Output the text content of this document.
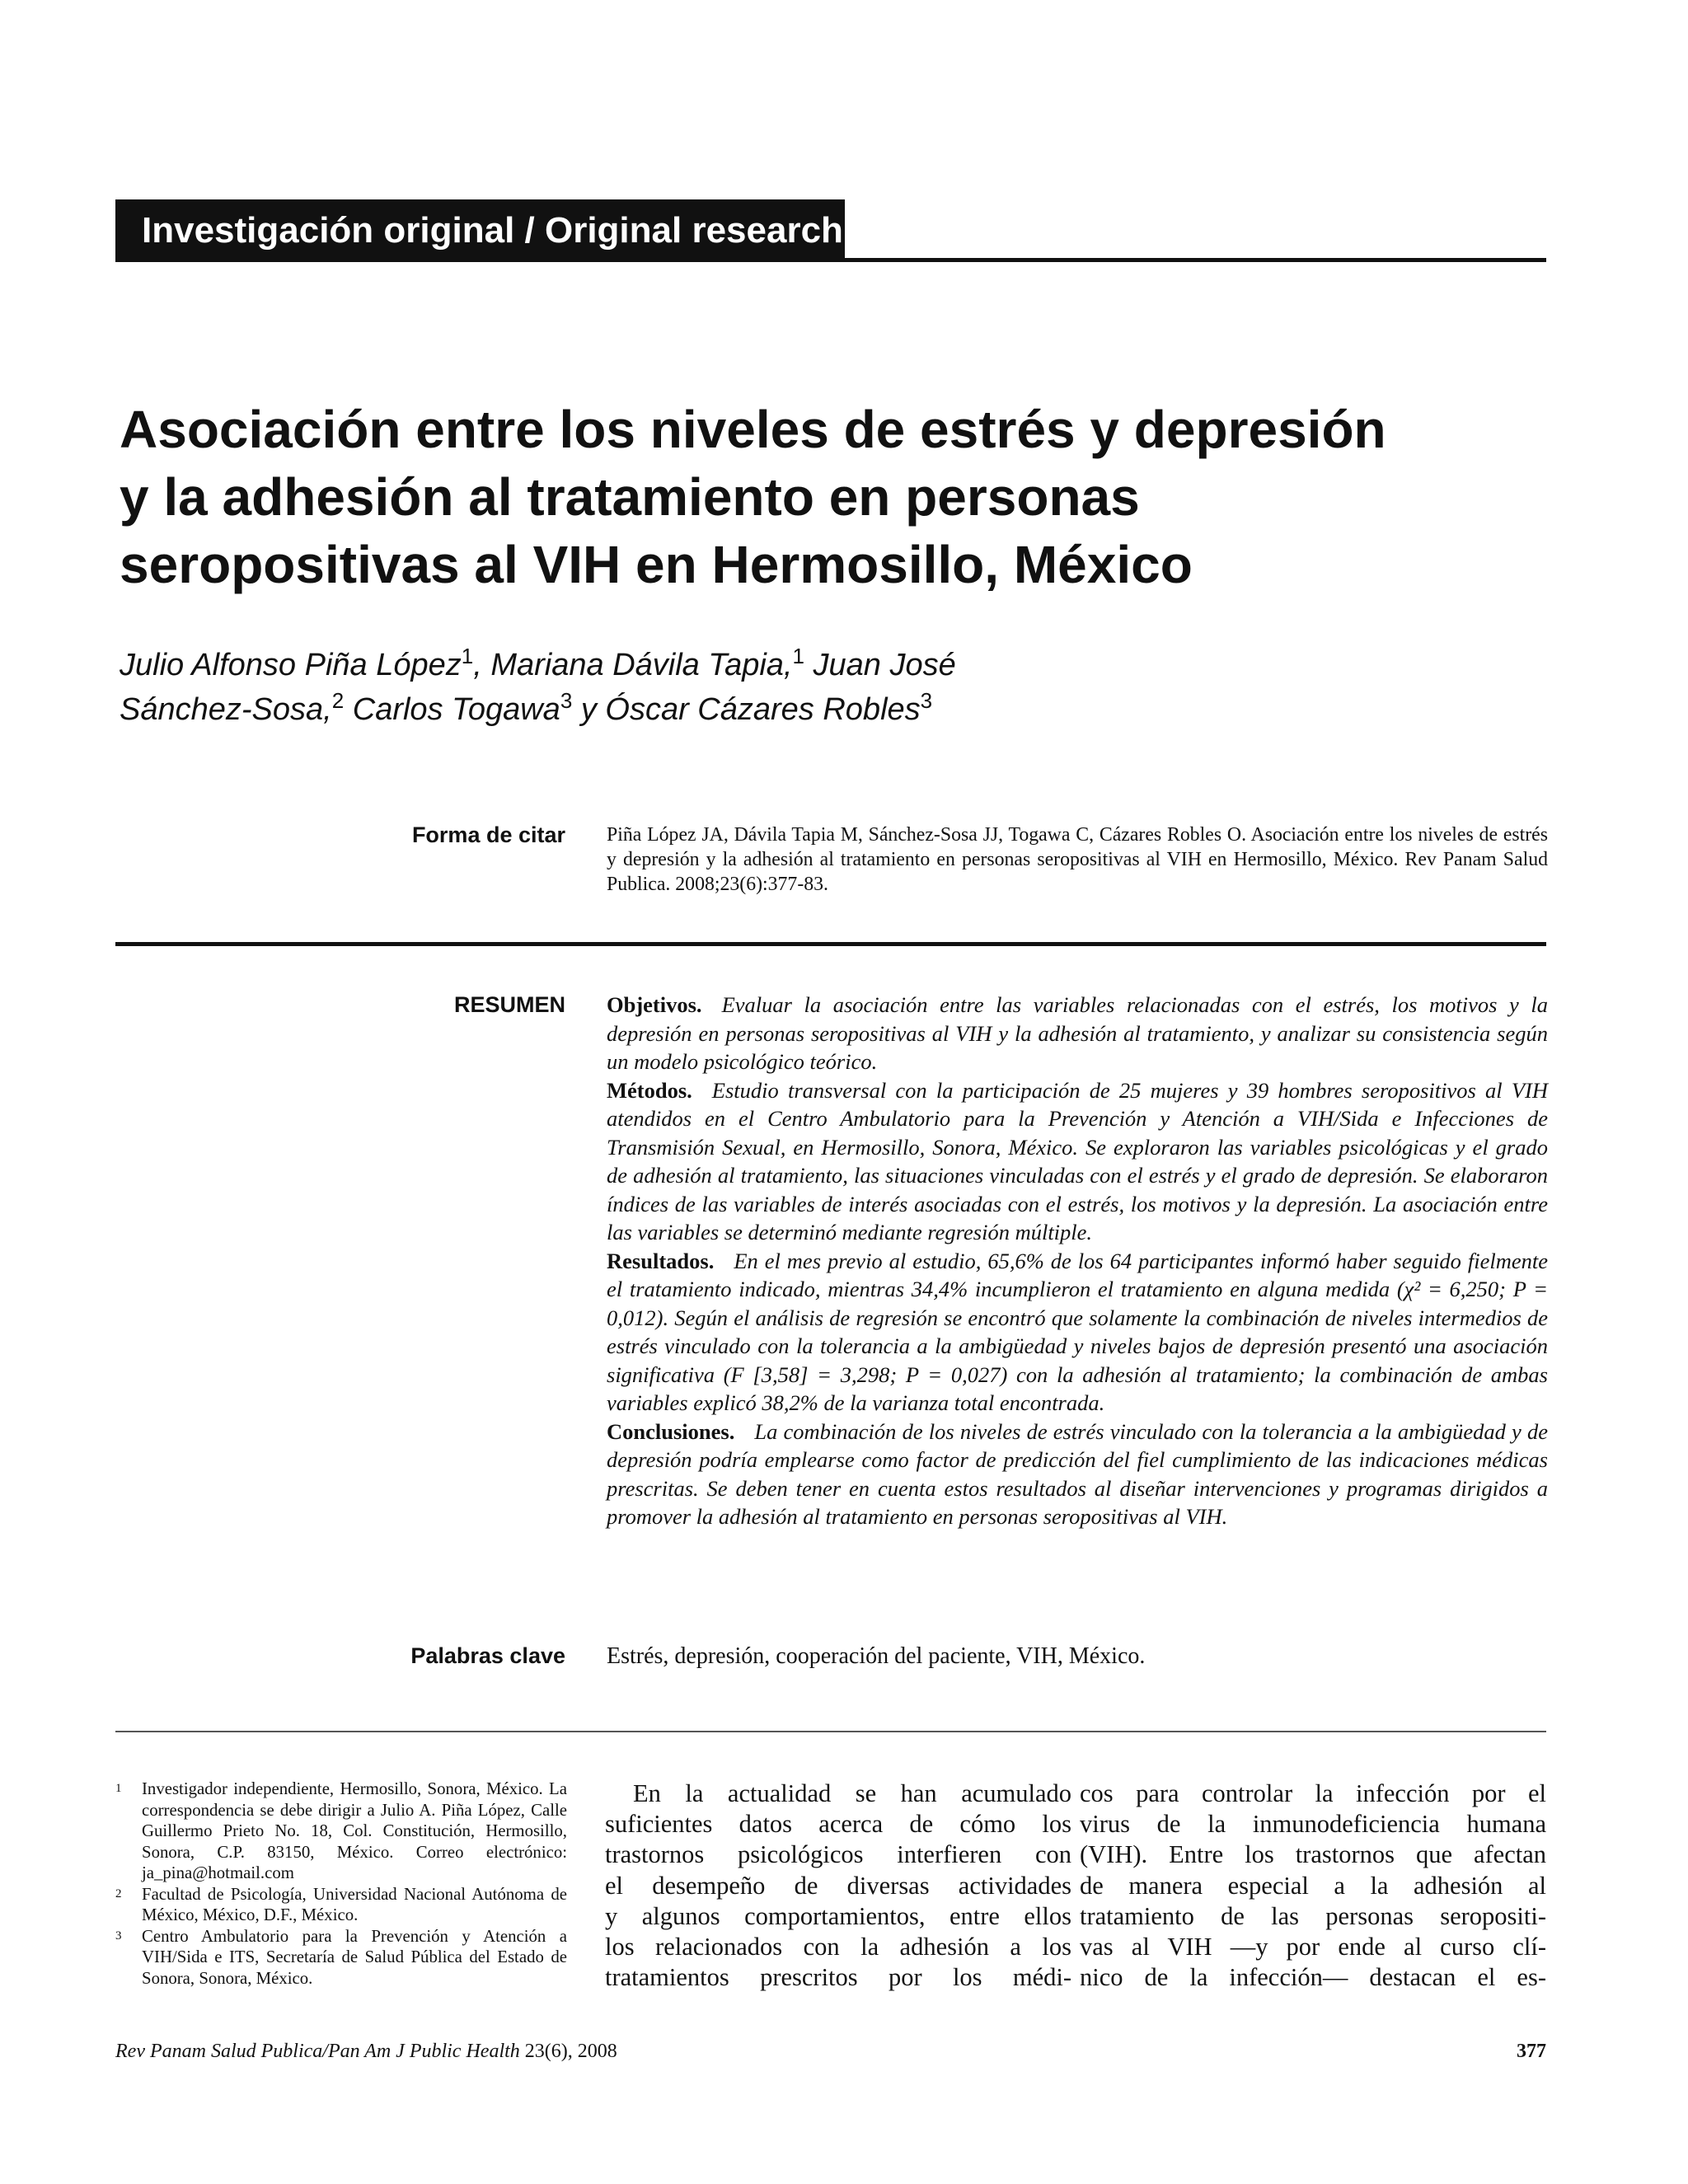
Investigación original / Original research
Asociación entre los niveles de estrés y depresión
y la adhesión al tratamiento en personas
seropositivas al VIH en Hermosillo, México
Julio Alfonso Piña López$^1$, Mariana Dávila Tapia,$^1$ Juan José
Sánchez-Sosa,$^2$ Carlos Togawa$^3$ y Óscar Cázares Robles$^3$
Forma de citar Piña López JA, Dávila Tapia M, Sánchez-Sosa JJ, Togawa C, Cázares Robles O. Asociación entre los niveles de estrés y depresión y la adhesión al tratamiento en personas seropositivas al VIH en Hermosillo, México. Rev Panam Salud Publica. 2008;23(6):377-83.
RESUMEN Objetivos. Evaluar la asociación entre las variables relacionadas con el estrés, los motivos y la depresión en personas seropositivas al VIH y la adhesión al tratamiento, y analizar su consistencia según un modelo psicológico teórico.

Métodos. Estudio transversal con la participación de 25 mujeres y 39 hombres seropositivos al VIH atendidos en el Centro Ambulatorio para la Prevención y Atención a VIH/Sida e Infecciones de Transmisión Sexual, en Hermosillo, Sonora, México. Se exploraron las variables psicológicas y el grado de adhesión al tratamiento, las situaciones vinculadas con el estrés y el grado de depresión. Se elaboraron índices de las variables de interés asociadas con el estrés, los motivos y la depresión. La asociación entre las variables se determinó mediante regresión múltiple.

Resultados. En el mes previo al estudio, 65,6% de los 64 participantes informó haber seguido fielmente el tratamiento indicado, mientras 34,4% incumplieron el tratamiento en alguna medida (χ² = 6,250; P = 0,012). Según el análisis de regresión se encontró que solamente la combinación de niveles intermedios de estrés vinculado con la tolerancia a la ambigüedad y niveles bajos de depresión presentó una asociación significativa (F [3,58] = 3,298; P = 0,027) con la adhesión al tratamiento; la combinación de ambas variables explicó 38,2% de la varianza total encontrada.

Conclusiones. La combinación de los niveles de estrés vinculado con la tolerancia a la ambigüedad y de depresión podría emplearse como factor de predicción del fiel cumplimiento de las indicaciones médicas prescritas. Se deben tener en cuenta estos resultados al diseñar intervenciones y programas dirigidos a promover la adhesión al tratamiento en personas seropositivas al VIH.

Palabras clave Estrés, depresión, cooperación del paciente, VIH, México.
1	Investigador independiente, Hermosillo, Sonora, México. La correspondencia se debe dirigir a Julio A. Piña López, Calle Guillermo Prieto No. 18, Col. Constitución, Hermosillo, Sonora, C.P. 83150, México. Correo electrónico: ja_pina@hotmail.com
2	Facultad de Psicología, Universidad Nacional Autónoma de México, México, D.F., México.
3	Centro Ambulatorio para la Prevención y Atención a VIH/Sida e ITS, Secretaría de Salud Pública del Estado de Sonora, Sonora, México.
En la actualidad se han acumulado
suficientes datos acerca de cómo los
trastornos psicológicos interfieren con
el desempeño de diversas actividades
y algunos comportamientos, entre ellos
los relacionados con la adhesión a los
tratamientos prescritos por los médi-
cos para controlar la infección por el
virus de la inmunodeficiencia humana
(VIH). Entre los trastornos que afectan
de manera especial a la adhesión al
tratamiento de las personas seropositi-
vas al VIH —y por ende al curso clí-
nico de la infección— destacan el es-
Rev Panam Salud Publica/Pan Am J Public Health 23(6), 2008	377
